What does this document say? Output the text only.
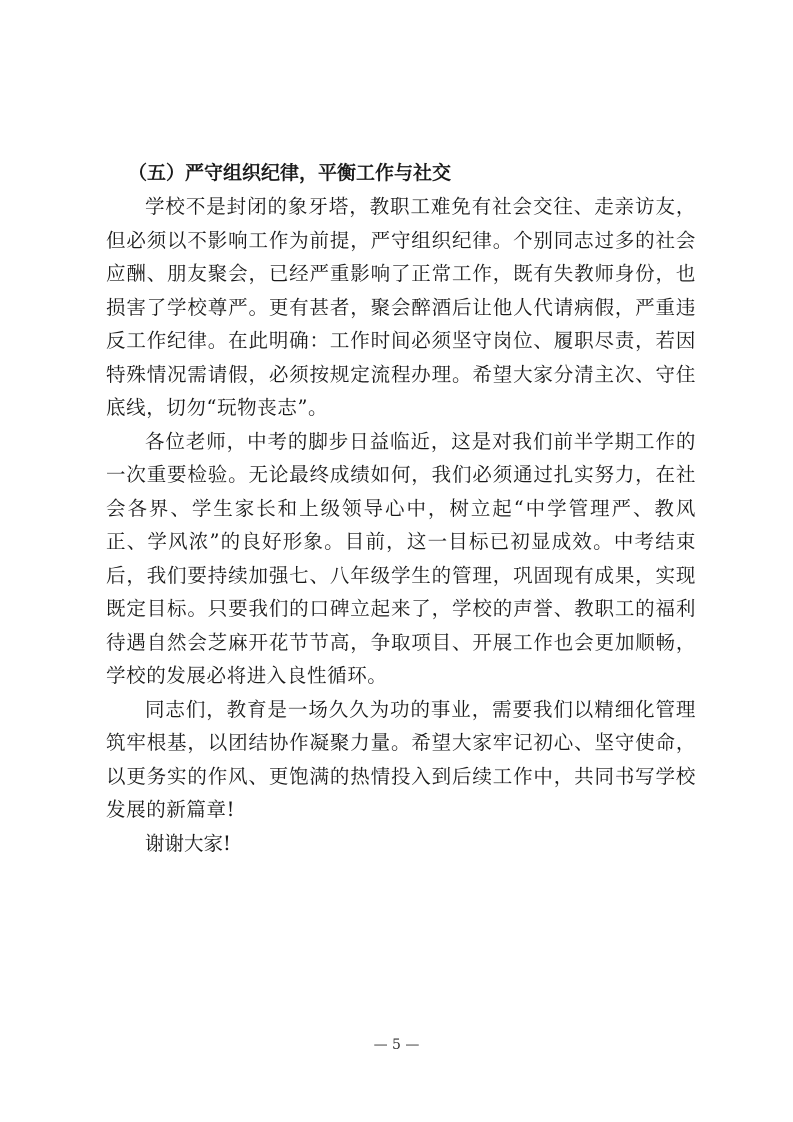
（五）严守组织纪律，平衡工作与社交

学校不是封闭的象牙塔，教职工难免有社会交往、走亲访友，但必须以不影响工作为前提，严守组织纪律。个别同志过多的社会应酬、朋友聚会，已经严重影响了正常工作，既有失教师身份，也损害了学校尊严。更有甚者，聚会醉酒后让他人代请病假，严重违反工作纪律。在此明确：工作时间必须坚守岗位、履职尽责，若因特殊情况需请假，必须按规定流程办理。希望大家分清主次、守住底线，切勿“玩物丧志”。

各位老师，中考的脚步日益临近，这是对我们前半学期工作的一次重要检验。无论最终成绩如何，我们必须通过扎实努力，在社会各界、学生家长和上级领导心中，树立起“中学管理严、教风正、学风浓”的良好形象。目前，这一目标已初显成效。中考结束后，我们要持续加强七、八年级学生的管理，巩固现有成果，实现既定目标。只要我们的口碑立起来了，学校的声誉、教职工的福利待遇自然会芝麻开花节节高，争取项目、开展工作也会更加顺畅，学校的发展必将进入良性循环。

同志们，教育是一场久久为功的事业，需要我们以精细化管理筑牢根基，以团结协作凝聚力量。希望大家牢记初心、坚守使命，以更务实的作风、更饱满的热情投入到后续工作中，共同书写学校发展的新篇章!

谢谢大家!

— 5 —
